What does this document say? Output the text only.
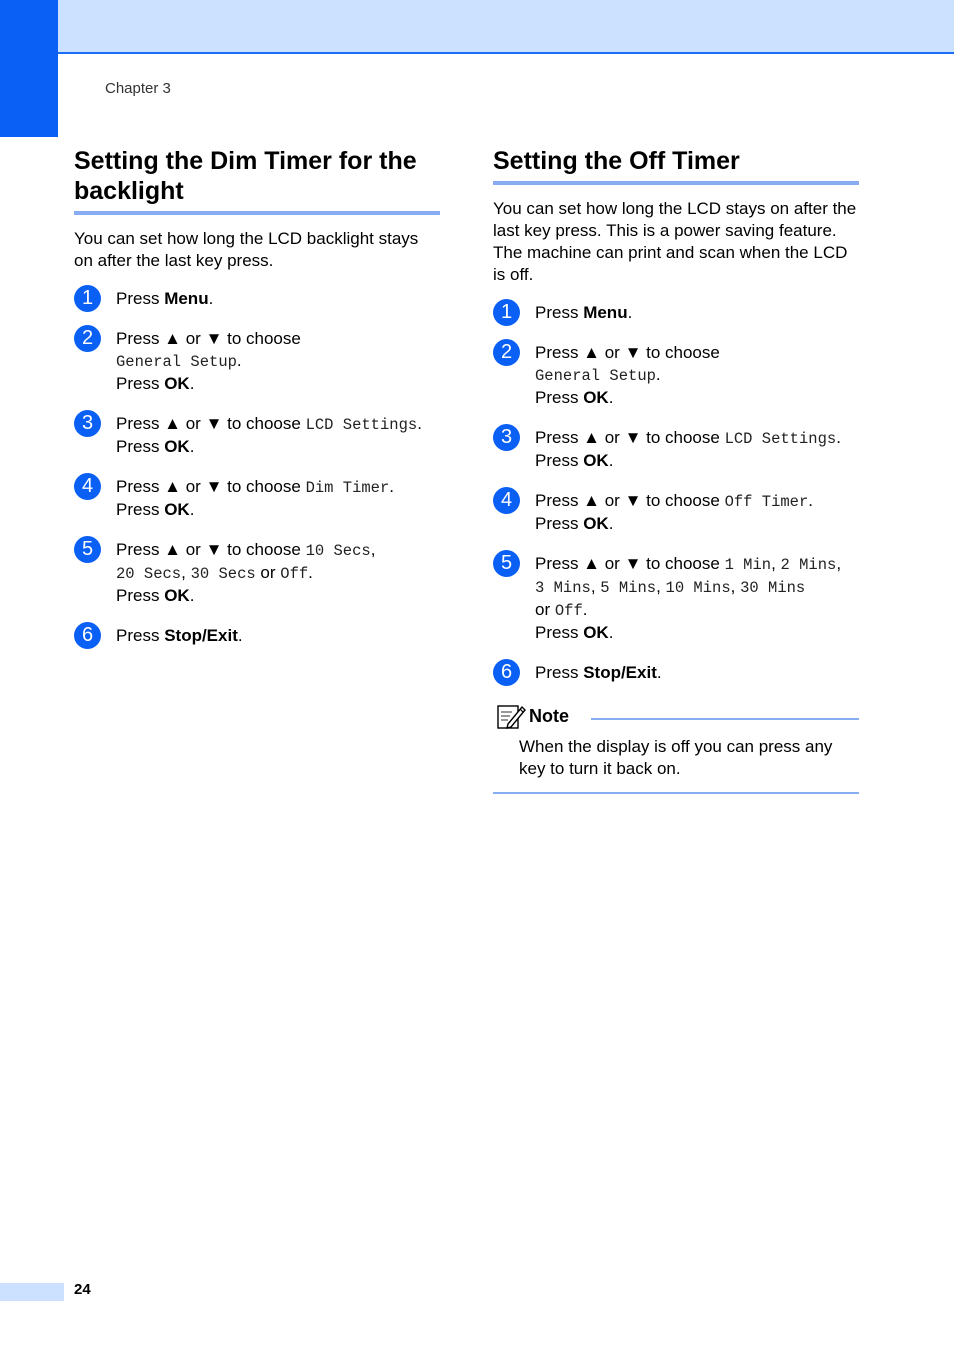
Chapter 3
Setting the Dim Timer for the backlight
You can set how long the LCD backlight stays on after the last key press.
1	Press Menu.
2	Press ▲ or ▼ to choose
General Setup.
Press OK.
3	Press ▲ or ▼ to choose LCD Settings.
Press OK.
4	Press ▲ or ▼ to choose Dim Timer.
Press OK.
5	Press ▲ or ▼ to choose 10 Secs,
20 Secs, 30 Secs or Off.
Press OK.
6	Press Stop/Exit.
Setting the Off Timer
You can set how long the LCD stays on after the last key press. This is a power saving feature. The machine can print and scan when the LCD is off.
1	Press Menu.
2	Press ▲ or ▼ to choose
General Setup.
Press OK.
3	Press ▲ or ▼ to choose LCD Settings.
Press OK.
4	Press ▲ or ▼ to choose Off Timer.
Press OK.
5	Press ▲ or ▼ to choose 1 Min, 2 Mins,
3 Mins, 5 Mins, 10 Mins, 30 Mins
or Off.
Press OK.
6	Press Stop/Exit.
Note
When the display is off you can press any key to turn it back on.
24
